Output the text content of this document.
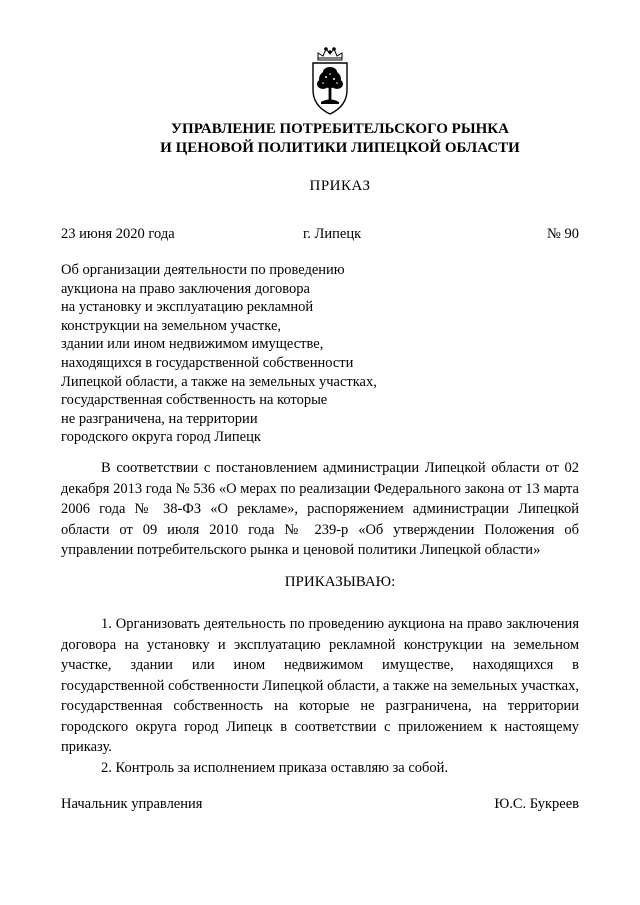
УПРАВЛЕНИЕ ПОТРЕБИТЕЛЬСКОГО РЫНКА
И ЦЕНОВОЙ ПОЛИТИКИ ЛИПЕЦКОЙ ОБЛАСТИ
ПРИКАЗ
23 июня 2020 года	г. Липецк	№ 90
Об организации деятельности по проведению
аукциона на право заключения договора
на установку и эксплуатацию рекламной
конструкции на земельном участке,
здании или ином недвижимом имуществе,
находящихся в государственной собственности
Липецкой области, а также на земельных участках,
государственная собственность на которые
не разграничена, на территории
городского округа город Липецк
В соответствии с постановлением администрации Липецкой области от 02 декабря 2013 года № 536 «О мерах по реализации Федерального закона от 13 марта 2006 года № 38-ФЗ «О рекламе», распоряжением администрации Липецкой области от 09 июля 2010 года № 239-р «Об утверждении Положения об управлении потребительского рынка и ценовой политики Липецкой области»
ПРИКАЗЫВАЮ:

1. Организовать деятельность по проведению аукциона на право заключения договора на установку и эксплуатацию рекламной конструкции на земельном участке, здании или ином недвижимом имуществе, находящихся в государственной собственности Липецкой области, а также на земельных участках, государственная собственность на которые не разграничена, на территории городского округа город Липецк в соответствии с приложением к настоящему приказу.

2. Контроль за исполнением приказа оставляю за собой.

Начальник управления	Ю.С. Букреев
